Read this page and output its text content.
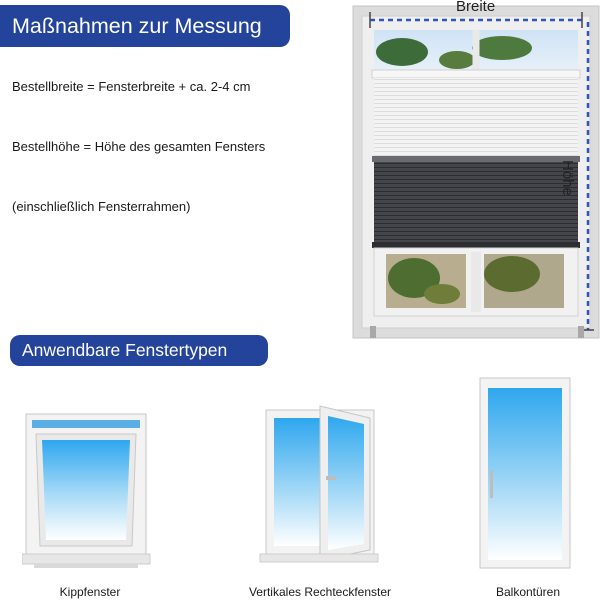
Maßnahmen zur Messung
Bestellbreite = Fensterbreite + ca. 2-4 cm
Bestellhöhe = Höhe des gesamten Fensters
(einschließlich Fensterrahmen)
Breite
Höhe
Anwendbare Fenstertypen
Kippfenster	Vertikales Rechteckfenster	Balkontüren
